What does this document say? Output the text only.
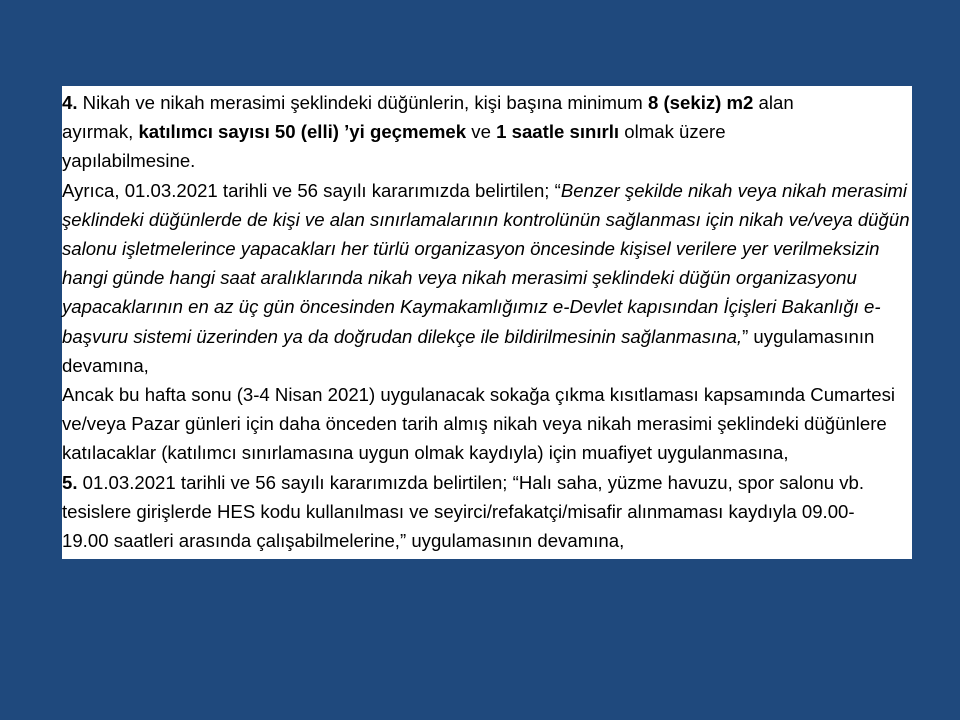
4. Nikah ve nikah merasimi şeklindeki düğünlerin, kişi başına minimum 8 (sekiz) m2 alan ayırmak, katılımcı sayısı 50 (elli) ’yi geçmemek ve 1 saatle sınırlı olmak üzere yapılabilmesine.

Ayrıca, 01.03.2021 tarihli ve 56 sayılı kararımızda belirtilen; “Benzer şekilde nikah veya nikah merasimi şeklindeki düğünlerde de kişi ve alan sınırlamalarının kontrolünün sağlanması için nikah ve/veya düğün salonu işletmelerince yapacakları her türlü organizasyon öncesinde kişisel verilere yer verilmeksizin hangi günde hangi saat aralıklarında nikah veya nikah merasimi şeklindeki düğün organizasyonu yapacaklarının en az üç gün öncesinden Kaymakamlığımız e-Devlet kapısından İçişleri Bakanlığı e-başvuru sistemi üzerinden ya da doğrudan dilekçe ile bildirilmesinin sağlanmasına,” uygulamasının devamına,

Ancak bu hafta sonu (3-4 Nisan 2021) uygulanacak sokağa çıkma kısıtlaması kapsamında Cumartesi ve/veya Pazar günleri için daha önceden tarih almış nikah veya nikah merasimi şeklindeki düğünlere katılacaklar (katılımcı sınırlamasına uygun olmak kaydıyla) için muafiyet uygulanmasına,

5. 01.03.2021 tarihli ve 56 sayılı kararımızda belirtilen; “Halı saha, yüzme havuzu, spor salonu vb. tesislere girişlerde HES kodu kullanılması ve seyirci/refakatçi/misafir alınmaması kaydıyla 09.00-19.00 saatleri arasında çalışabilmelerine,” uygulamasının devamına,
